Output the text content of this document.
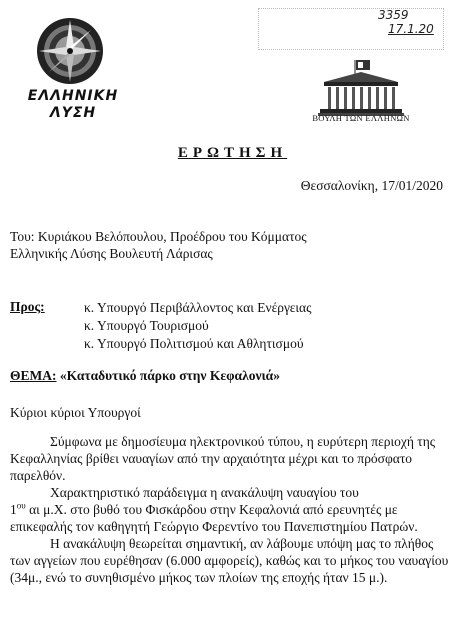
3359
17.1.20
ΕΛΛΗΝΙΚΗ
ΛΥΣΗ	ΒΟΥΛΗ ΤΩΝ ΕΛΛΗΝΩΝ
ΕΡΩΤΗΣΗ
Θεσσαλονίκη, 17/01/2020
Του: Κυριάκου Βελόπουλου, Προέδρου του Κόμματος
Ελληνικής Λύσης Βουλευτή Λάρισας
Προς:	κ. Υπουργό Περιβάλλοντος και Ενέργειας
κ. Υπουργό Τουρισμού
κ. Υπουργό Πολιτισμού και Αθλητισμού
ΘΕΜΑ: «Καταδυτικό πάρκο στην Κεφαλονιά»
Κύριοι κύριοι Υπουργοί

Σύμφωνα με δημοσίευμα ηλεκτρονικού τύπου, η ευρύτερη περιοχή της Κεφαλληνίας βρίθει ναυαγίων από την αρχαιότητα μέχρι και το πρόσφατο παρελθόν.

Χαρακτηριστικό παράδειγμα η ανακάλυψη ναυαγίου του
$1^{o\upsilon}$ αι μ.Χ. στο βυθό του Φισκάρδου στην Κεφαλονιά από ερευνητές με επικεφαλής τον καθηγητή Γεώργιο Φερεντίνο του Πανεπιστημίου Πατρών.

Η ανακάλυψη θεωρείται σημαντική, αν λάβουμε υπόψη μας το πλήθος των αγγείων που ευρέθησαν (6.000 αμφορείς), καθώς και το μήκος του ναυαγίου (34μ., ενώ το συνηθισμένο μήκος των πλοίων της εποχής ήταν 15 μ.).
